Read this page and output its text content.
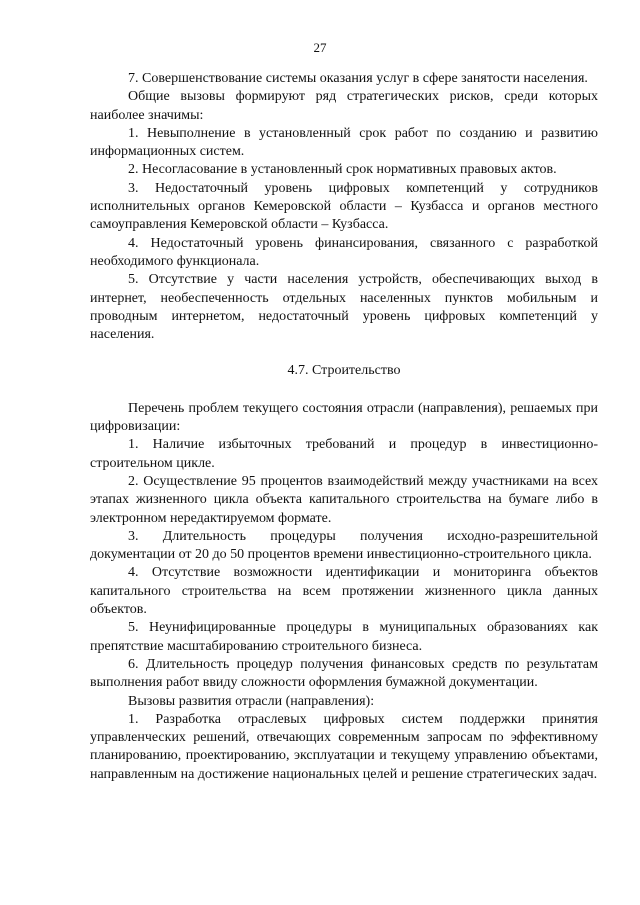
27

7. Совершенствование системы оказания услуг в сфере занятости населения.

Общие вызовы формируют ряд стратегических рисков, среди которых наиболее значимы:

1. Невыполнение в установленный срок работ по созданию и развитию информационных систем.

2. Несогласование в установленный срок нормативных правовых актов.

3. Недостаточный уровень цифровых компетенций у сотрудников исполнительных органов Кемеровской области – Кузбасса и органов местного самоуправления Кемеровской области – Кузбасса.

4. Недостаточный уровень финансирования, связанного с разработкой необходимого функционала.

5. Отсутствие у части населения устройств, обеспечивающих выход в интернет, необеспеченность отдельных населенных пунктов мобильным и проводным интернетом, недостаточный уровень цифровых компетенций у населения.

4.7. Строительство

Перечень проблем текущего состояния отрасли (направления), решаемых при цифровизации:

1. Наличие избыточных требований и процедур в инвестиционно-строительном цикле.

2. Осуществление 95 процентов взаимодействий между участниками на всех этапах жизненного цикла объекта капитального строительства на бумаге либо в электронном нередактируемом формате.

3. Длительность процедуры получения исходно-разрешительной документации от 20 до 50 процентов времени инвестиционно-строительного цикла.

4. Отсутствие возможности идентификации и мониторинга объектов капитального строительства на всем протяжении жизненного цикла данных объектов.

5. Неунифицированные процедуры в муниципальных образованиях как препятствие масштабированию строительного бизнеса.

6. Длительность процедур получения финансовых средств по результатам выполнения работ ввиду сложности оформления бумажной документации.

Вызовы развития отрасли (направления):

1. Разработка отраслевых цифровых систем поддержки принятия управленческих решений, отвечающих современным запросам по эффективному планированию, проектированию, эксплуатации и текущему управлению объектами, направленным на достижение национальных целей и решение стратегических задач.
